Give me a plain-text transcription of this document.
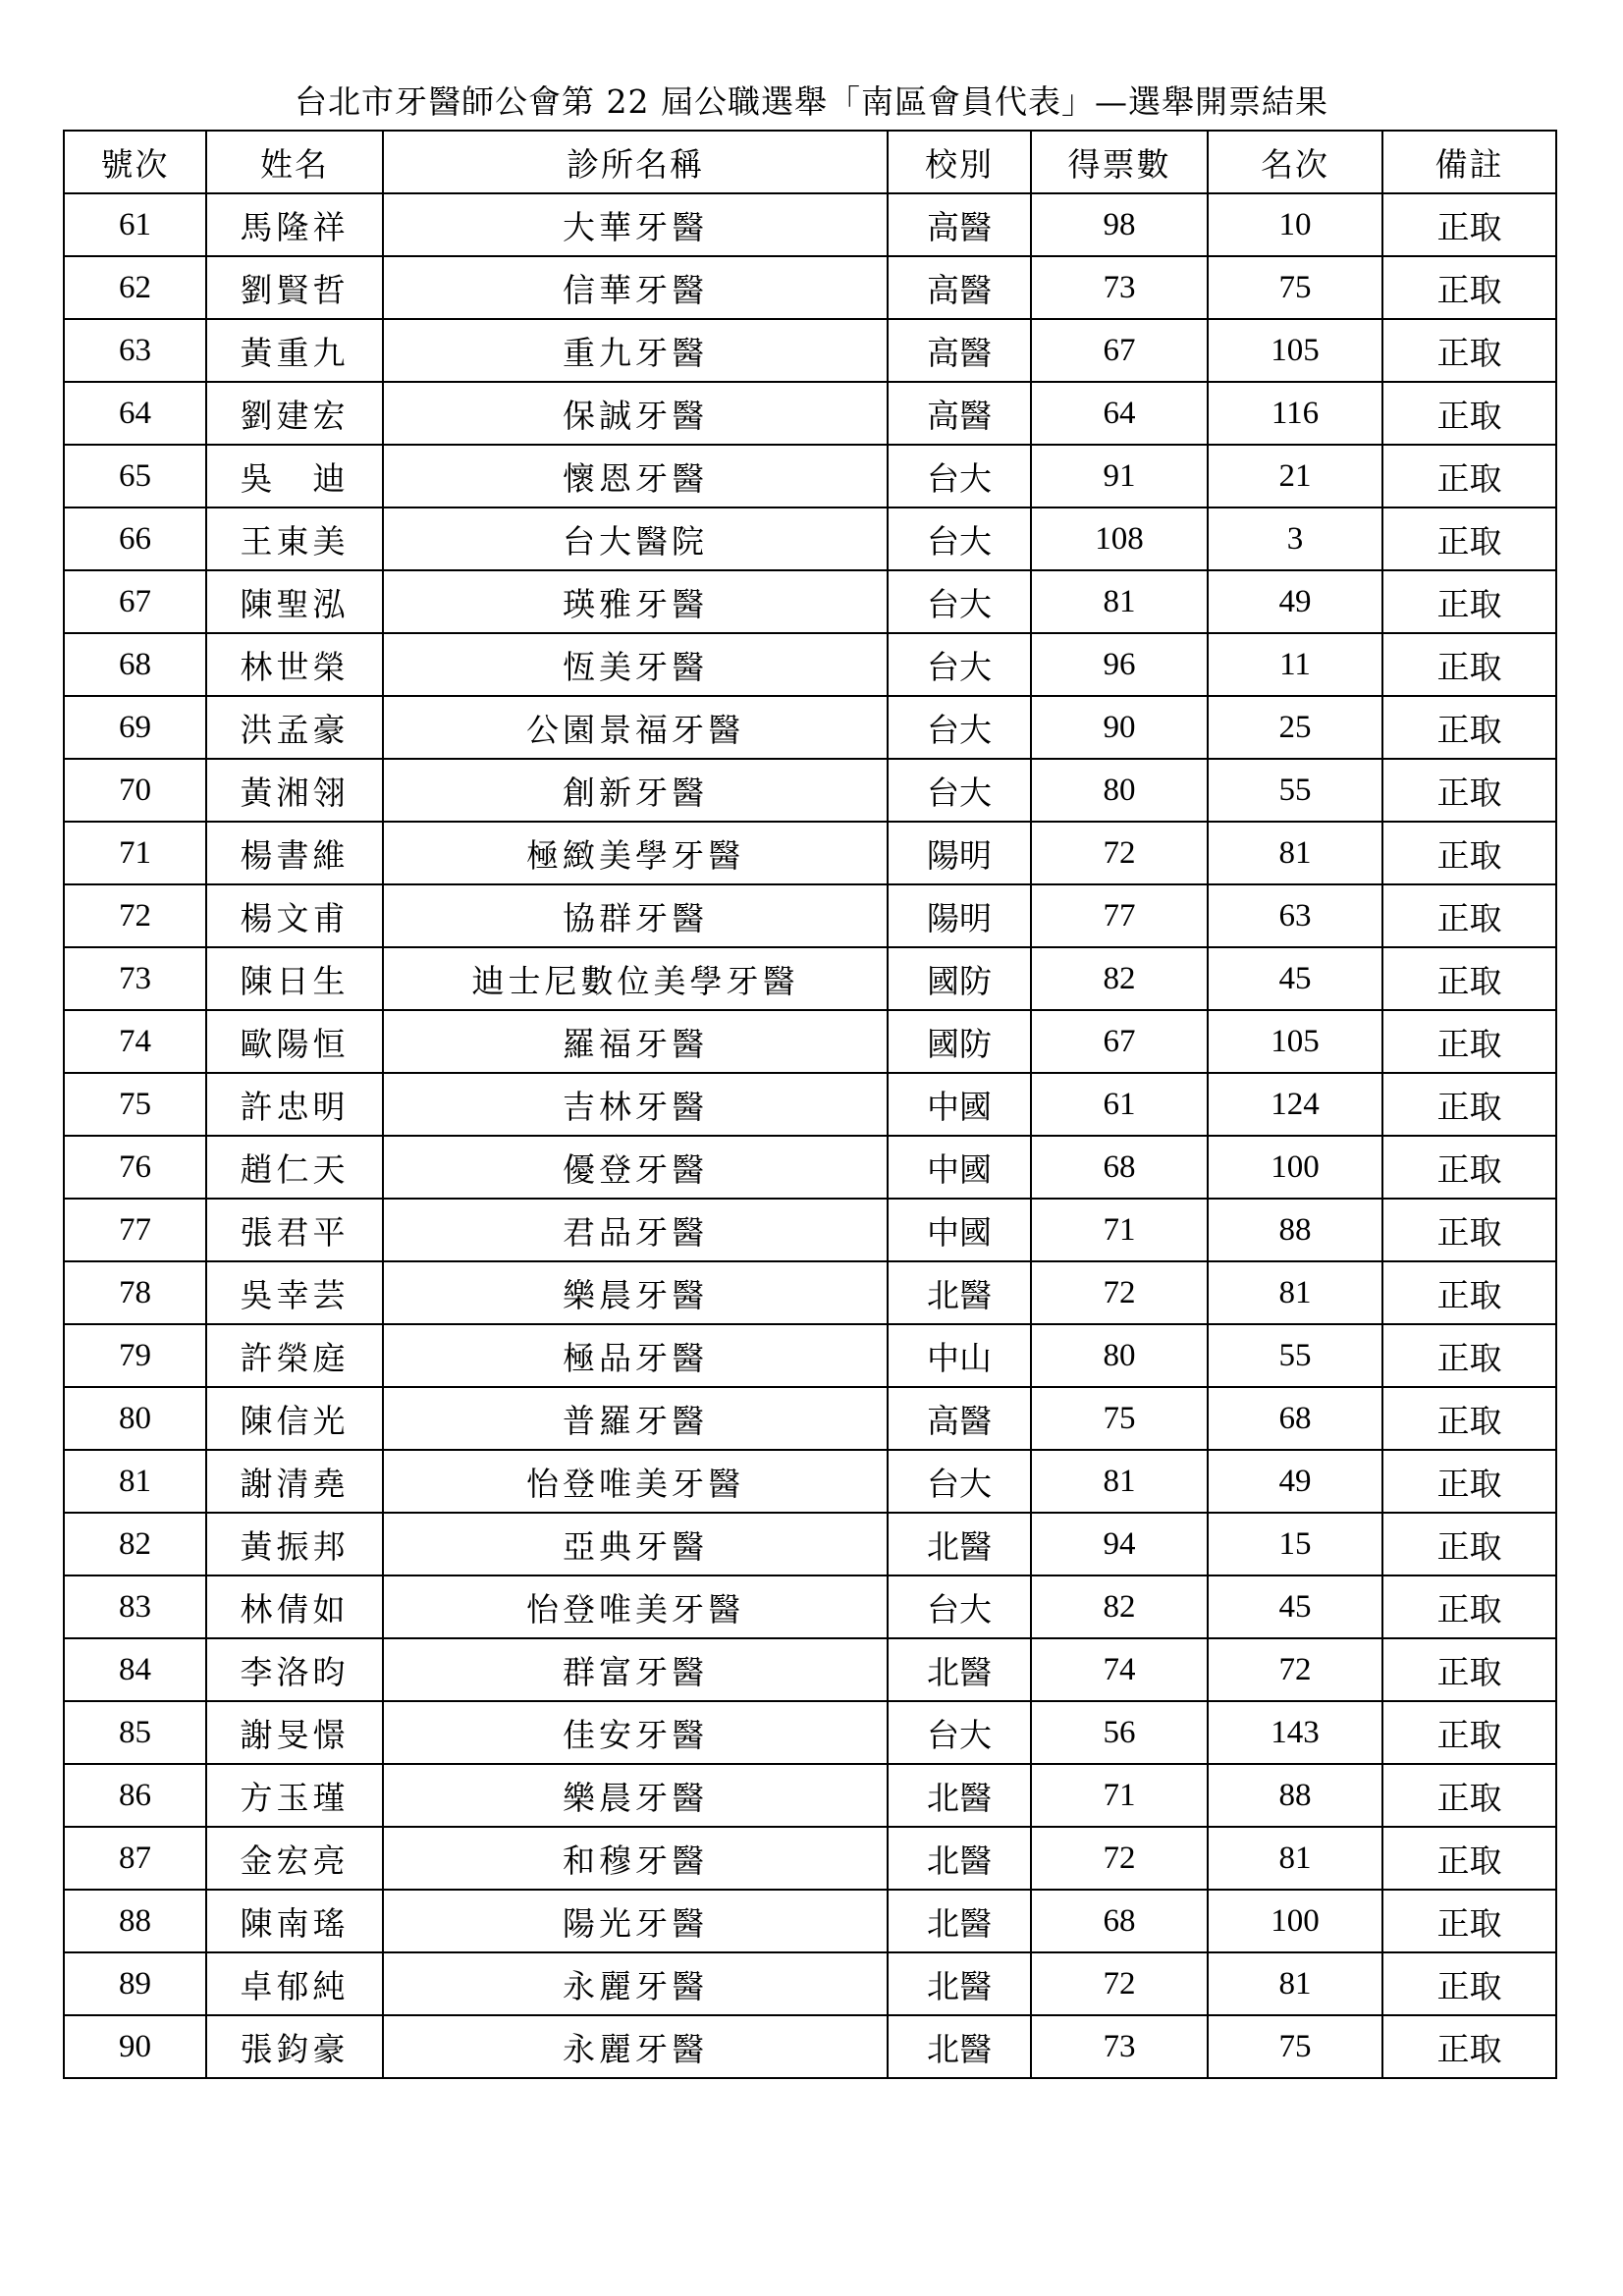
台北市牙醫師公會第 22 屆公職選舉「南區會員代表」—選舉開票結果
號次	姓名	診所名稱	校別	得票數	名次	備註
61	馬隆祥	大華牙醫	高醫	98	10	正取
62	劉賢哲	信華牙醫	高醫	73	75	正取
63	黃重九	重九牙醫	高醫	67	105	正取
64	劉建宏	保誠牙醫	高醫	64	116	正取
65	吳　迪	懷恩牙醫	台大	91	21	正取
66	王東美	台大醫院	台大	108	3	正取
67	陳聖泓	瑛雅牙醫	台大	81	49	正取
68	林世榮	恆美牙醫	台大	96	11	正取
69	洪孟豪	公園景福牙醫	台大	90	25	正取
70	黃湘翎	創新牙醫	台大	80	55	正取
71	楊書維	極緻美學牙醫	陽明	72	81	正取
72	楊文甫	協群牙醫	陽明	77	63	正取
73	陳日生	迪士尼數位美學牙醫	國防	82	45	正取
74	歐陽恒	羅福牙醫	國防	67	105	正取
75	許忠明	吉林牙醫	中國	61	124	正取
76	趙仁天	優登牙醫	中國	68	100	正取
77	張君平	君品牙醫	中國	71	88	正取
78	吳幸芸	樂晨牙醫	北醫	72	81	正取
79	許榮庭	極品牙醫	中山	80	55	正取
80	陳信光	普羅牙醫	高醫	75	68	正取
81	謝清堯	怡登唯美牙醫	台大	81	49	正取
82	黃振邦	亞典牙醫	北醫	94	15	正取
83	林倩如	怡登唯美牙醫	台大	82	45	正取
84	李洛昀	群富牙醫	北醫	74	72	正取
85	謝旻憬	佳安牙醫	台大	56	143	正取
86	方玉瑾	樂晨牙醫	北醫	71	88	正取
87	金宏亮	和穆牙醫	北醫	72	81	正取
88	陳南瑤	陽光牙醫	北醫	68	100	正取
89	卓郁純	永麗牙醫	北醫	72	81	正取
90	張鈞豪	永麗牙醫	北醫	73	75	正取
